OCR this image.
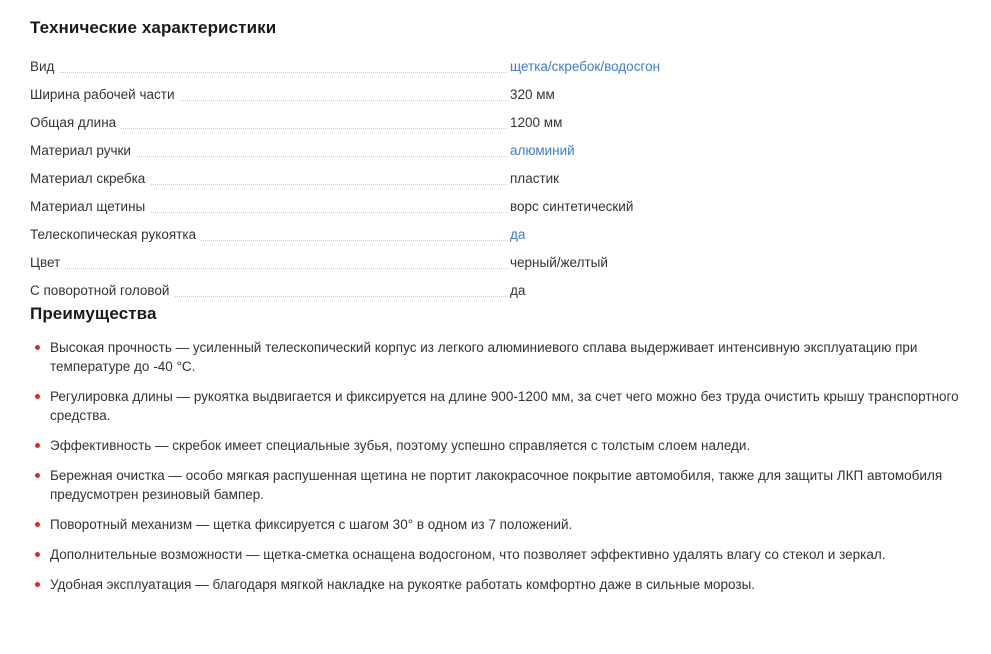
Технические характеристики
Вид	щетка/скребок/водосгон

Ширина рабочей части	320 мм

Общая длина	1200 мм

Материал ручки	алюминий

Материал скребка	пластик

Материал щетины	ворс синтетический

Телескопическая рукоятка	да

Цвет	черный/желтый

С поворотной головой	да
Преимущества
Высокая прочность — усиленный телескопический корпус из легкого алюминиевого сплава выдерживает интенсивную эксплуатацию при температуре до -40 °С.
Регулировка длины — рукоятка выдвигается и фиксируется на длине 900-1200 мм, за счет чего можно без труда очистить крышу транспортного средства.
Эффективность — скребок имеет специальные зубья, поэтому успешно справляется с толстым слоем наледи.
Бережная очистка — особо мягкая распушенная щетина не портит лакокрасочное покрытие автомобиля, также для защиты ЛКП автомобиля предусмотрен резиновый бампер.
Поворотный механизм — щетка фиксируется с шагом 30° в одном из 7 положений.
Дополнительные возможности — щетка-сметка оснащена водосгоном, что позволяет эффективно удалять влагу со стекол и зеркал.
Удобная эксплуатация — благодаря мягкой накладке на рукоятке работать комфортно даже в сильные морозы.
